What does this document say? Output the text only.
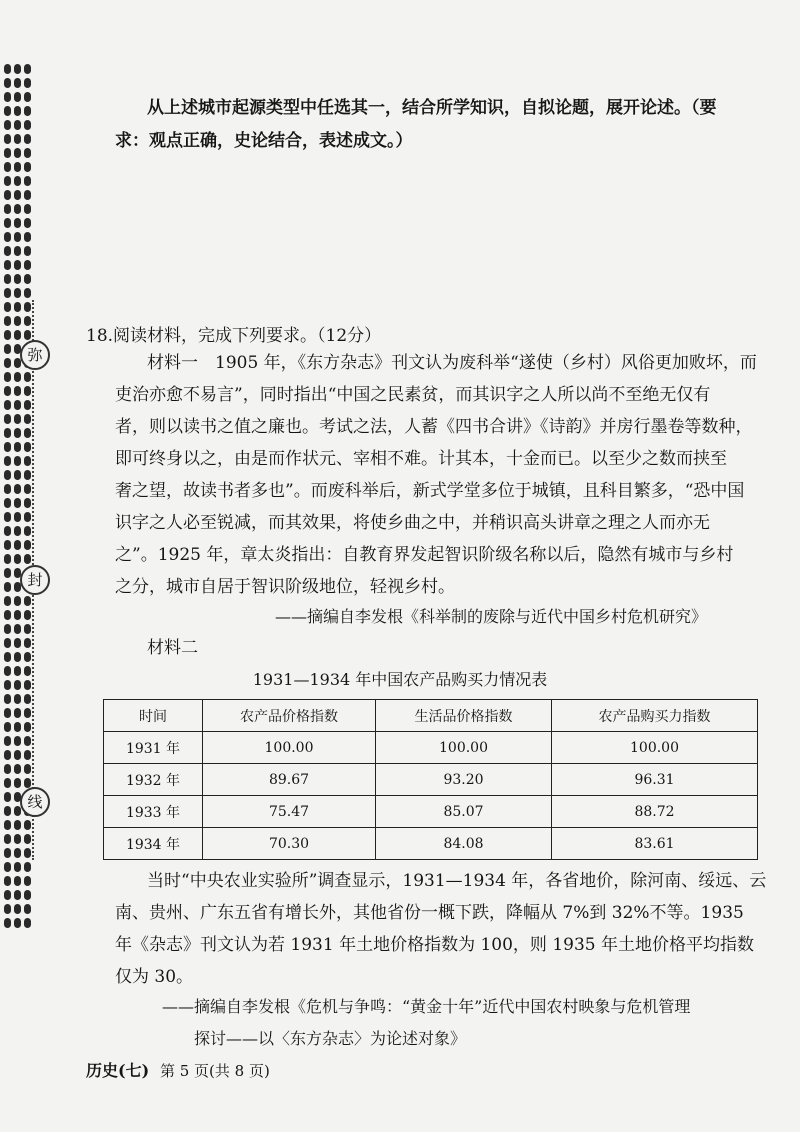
弥
封
线
从上述城市起源类型中任选其一，结合所学知识，自拟论题，展开论述。（要
求：观点正确，史论结合，表述成文。）
18.阅读材料，完成下列要求。（12分）
材料一　1905 年，《东方杂志》刊文认为废科举“遂使（乡村）风俗更加败坏，而
吏治亦愈不易言”，同时指出“中国之民素贫，而其识字之人所以尚不至绝无仅有
者，则以读书之值之廉也。考试之法，人蓄《四书合讲》《诗韵》并房行墨卷等数种，
即可终身以之，由是而作状元、宰相不难。计其本，十金而已。以至少之数而挟至
奢之望，故读书者多也”。而废科举后，新式学堂多位于城镇，且科目繁多，“恐中国
识字之人必至锐减，而其效果，将使乡曲之中，并稍识高头讲章之理之人而亦无
之”。1925 年，章太炎指出：自教育界发起智识阶级名称以后，隐然有城市与乡村
之分，城市自居于智识阶级地位，轻视乡村。
——摘编自李发根《科举制的废除与近代中国乡村危机研究》
材料二
1931—1934 年中国农产品购买力情况表
时间	农产品价格指数	生活品价格指数	农产品购买力指数
1931 年	100.00	100.00	100.00
1932 年	89.67	93.20	96.31
1933 年	75.47	85.07	88.72
1934 年	70.30	84.08	83.61
当时“中央农业实验所”调查显示，1931—1934 年，各省地价，除河南、绥远、云
南、贵州、广东五省有增长外，其他省份一概下跌，降幅从 7%到 32%不等。1935
年《杂志》刊文认为若 1931 年土地价格指数为 100，则 1935 年土地价格平均指数
仅为 30。
——摘编自李发根《危机与争鸣：“黄金十年”近代中国农村映象与危机管理
探讨——以〈东方杂志〉为论述对象》
历史(七) 第 5 页(共 8 页)
